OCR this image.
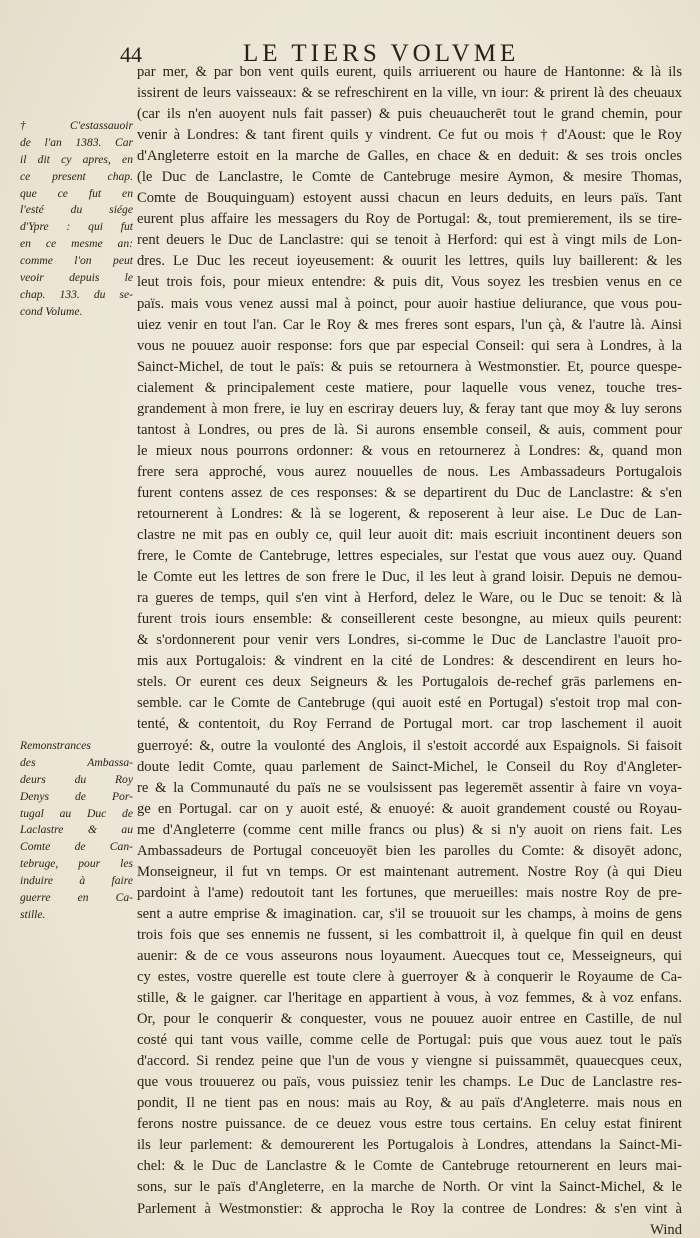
44	LE TIERS VOLVME
† C'estassauoir
de l'an 1383. Car
il dit cy apres, en
ce present chap.
que ce fut en
l'esté du siége
d'Ypre : qui fut
en ce mesme an:
comme l'on peut
veoir depuis le
chap. 133. du se-
cond Volume.
Remonstrances
des Ambassa-
deurs du Roy
Denys de Por-
tugal au Duc de
Laclastre & au
Comte de Can-
tebruge, pour les
induire à faire
guerre en Ca-
stille.
par mer, & par bon vent quils eurent, quils arriuerent ou haure de Hantonne: & là ils
issirent de leurs vaisseaux: & se refreschirent en la ville, vn iour: & prirent là des cheuaux
(car ils n'en auoyent nuls fait passer) & puis cheuaucherēt tout le grand chemin, pour
venir à Londres: & tant firent quils y vindrent. Ce fut ou mois † d'Aoust: que le Roy
d'Angleterre estoit en la marche de Galles, en chace & en deduit: & ses trois oncles
(le Duc de Lanclastre, le Comte de Cantebruge mesire Aymon, & mesire Thomas,
Comte de Bouquinguam) estoyent aussi chacun en leurs deduits, en leurs païs. Tant
eurent plus affaire les messagers du Roy de Portugal: &, tout premierement, ils se tire-
rent deuers le Duc de Lanclastre: qui se tenoit à Herford: qui est à vingt mils de Lon-
dres. Le Duc les receut ioyeusement: & ouurit les lettres, quils luy baillerent: & les
leut trois fois, pour mieux entendre: & puis dit, Vous soyez les tresbien venus en ce
païs. mais vous venez aussi mal à poinct, pour auoir hastiue deliurance, que vous pou-
uiez venir en tout l'an. Car le Roy & mes freres sont espars, l'un çà, & l'autre là. Ainsi
vous ne pouuez auoir response: fors que par especial Conseil: qui sera à Londres, à la
Sainct-Michel, de tout le païs: & puis se retournera à Westmonstier. Et, pource quespe-
cialement & principalement ceste matiere, pour laquelle vous venez, touche tres-
grandement à mon frere, ie luy en escriray deuers luy, & feray tant que moy & luy serons
tantost à Londres, ou pres de là. Si aurons ensemble conseil, & auis, comment pour
le mieux nous pourrons ordonner: & vous en retournerez à Londres: &, quand mon
frere sera approché, vous aurez nouuelles de nous. Les Ambassadeurs Portugalois
furent contens assez de ces responses: & se departirent du Duc de Lanclastre: & s'en
retournerent à Londres: & là se logerent, & reposerent à leur aise. Le Duc de Lan-
clastre ne mit pas en oubly ce, quil leur auoit dit: mais escriuit incontinent deuers son
frere, le Comte de Cantebruge, lettres especiales, sur l'estat que vous auez ouy. Quand
le Comte eut les lettres de son frere le Duc, il les leut à grand loisir. Depuis ne demou-
ra gueres de temps, quil s'en vint à Herford, delez le Ware, ou le Duc se tenoit: & là
furent trois iours ensemble: & conseillerent ceste besongne, au mieux quils peurent:
& s'ordonnerent pour venir vers Londres, si-comme le Duc de Lanclastre l'auoit pro-
mis aux Portugalois: & vindrent en la cité de Londres: & descendirent en leurs ho-
stels. Or eurent ces deux Seigneurs & les Portugalois de-rechef grās parlemens en-
semble. car le Comte de Cantebruge (qui auoit esté en Portugal) s'estoit trop mal con-
tenté, & contentoit, du Roy Ferrand de Portugal mort. car trop laschement il auoit
guerroyé: &, outre la voulonté des Anglois, il s'estoit accordé aux Espaignols. Si faisoit
doute ledit Comte, quau parlement de Sainct-Michel, le Conseil du Roy d'Angleter-
re & la Communauté du païs ne se voulsissent pas legeremēt assentir à faire vn voya-
ge en Portugal. car on y auoit esté, & enuoyé: & auoit grandement cousté ou Royau-
me d'Angleterre (comme cent mille francs ou plus) & si n'y auoit on riens fait. Les
Ambassadeurs de Portugal conceuoyēt bien les parolles du Comte: & disoyēt adonc,
Monseigneur, il fut vn temps. Or est maintenant autrement. Nostre Roy (à qui Dieu
pardoint à l'ame) redoutoit tant les fortunes, que merueilles: mais nostre Roy de pre-
sent a autre emprise & imagination. car, s'il se trouuoit sur les champs, à moins de gens
trois fois que ses ennemis ne fussent, si les combattroit il, à quelque fin quil en deust
auenir: & de ce vous asseurons nous loyaument. Auecques tout ce, Messeigneurs, qui
cy estes, vostre querelle est toute clere à guerroyer & à conquerir le Royaume de Ca-
stille, & le gaigner. car l'heritage en appartient à vous, à voz femmes, & à voz enfans.
Or, pour le conquerir & conquester, vous ne pouuez auoir entree en Castille, de nul
costé qui tant vous vaille, comme celle de Portugal: puis que vous auez tout le païs
d'accord. Si rendez peine que l'un de vous y viengne si puissammēt, quauecques ceux,
que vous trouuerez ou païs, vous puissiez tenir les champs. Le Duc de Lanclastre res-
pondit, Il ne tient pas en nous: mais au Roy, & au païs d'Angleterre. mais nous en
ferons nostre puissance. de ce deuez vous estre tous certains. En celuy estat finirent
ils leur parlement: & demourerent les Portugalois à Londres, attendans la Sainct-Mi-
chel: & le Duc de Lanclastre & le Comte de Cantebruge retournerent en leurs mai-
sons, sur le païs d'Angleterre, en la marche de North. Or vint la Sainct-Michel, & le
Parlement à Westmonstier: & approcha le Roy la contree de Londres: & s'en vint à
Wind
